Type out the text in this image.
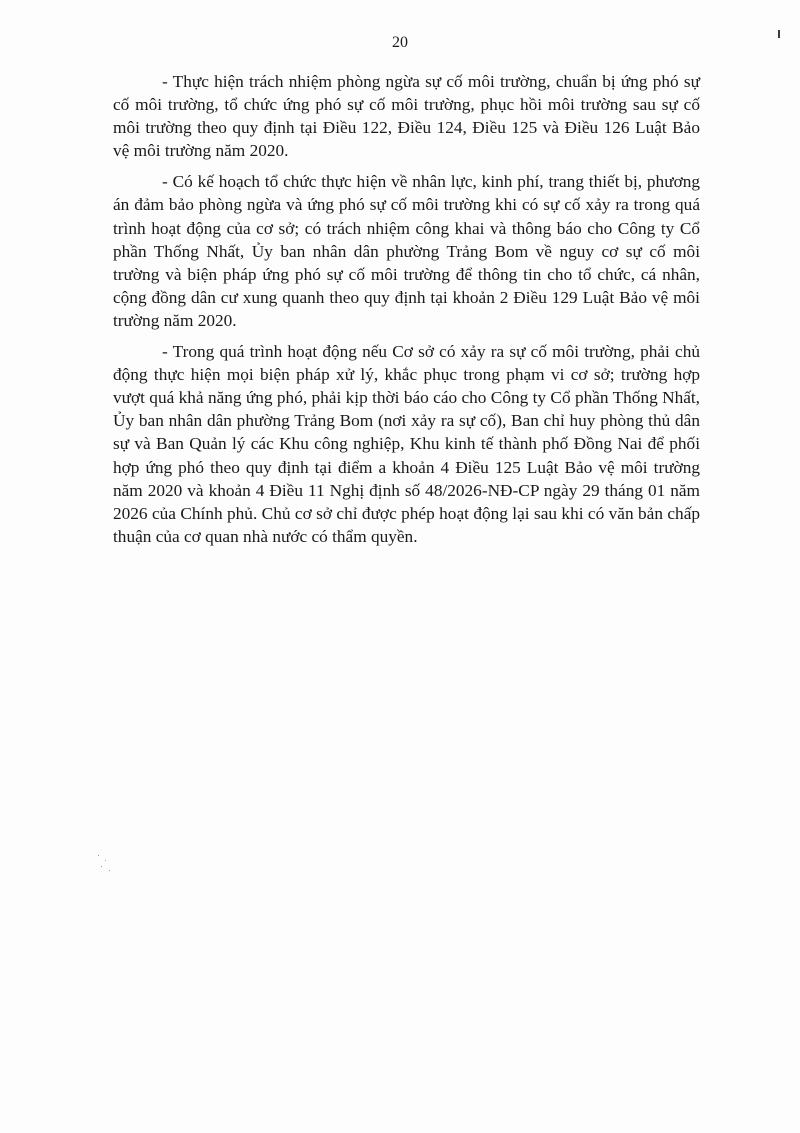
20

- Thực hiện trách nhiệm phòng ngừa sự cố môi trường, chuẩn bị ứng phó sự cố môi trường, tổ chức ứng phó sự cố môi trường, phục hồi môi trường sau sự cố môi trường theo quy định tại Điều 122, Điều 124, Điều 125 và Điều 126 Luật Bảo vệ môi trường năm 2020.

- Có kế hoạch tổ chức thực hiện về nhân lực, kinh phí, trang thiết bị, phương án đảm bảo phòng ngừa và ứng phó sự cố môi trường khi có sự cố xảy ra trong quá trình hoạt động của cơ sở; có trách nhiệm công khai và thông báo cho Công ty Cổ phần Thống Nhất, Ủy ban nhân dân phường Trảng Bom về nguy cơ sự cố môi trường và biện pháp ứng phó sự cố môi trường để thông tin cho tổ chức, cá nhân, cộng đồng dân cư xung quanh theo quy định tại khoản 2 Điều 129 Luật Bảo vệ môi trường năm 2020.

- Trong quá trình hoạt động nếu Cơ sở có xảy ra sự cố môi trường, phải chủ động thực hiện mọi biện pháp xử lý, khắc phục trong phạm vi cơ sở; trường hợp vượt quá khả năng ứng phó, phải kịp thời báo cáo cho Công ty Cổ phần Thống Nhất, Ủy ban nhân dân phường Trảng Bom (nơi xảy ra sự cố), Ban chỉ huy phòng thủ dân sự và Ban Quản lý các Khu công nghiệp, Khu kinh tế thành phố Đồng Nai để phối hợp ứng phó theo quy định tại điểm a khoản 4 Điều 125 Luật Bảo vệ môi trường năm 2020 và khoản 4 Điều 11 Nghị định số 48/2026-NĐ-CP ngày 29 tháng 01 năm 2026 của Chính phủ. Chủ cơ sở chỉ được phép hoạt động lại sau khi có văn bản chấp thuận của cơ quan nhà nước có thẩm quyền.
